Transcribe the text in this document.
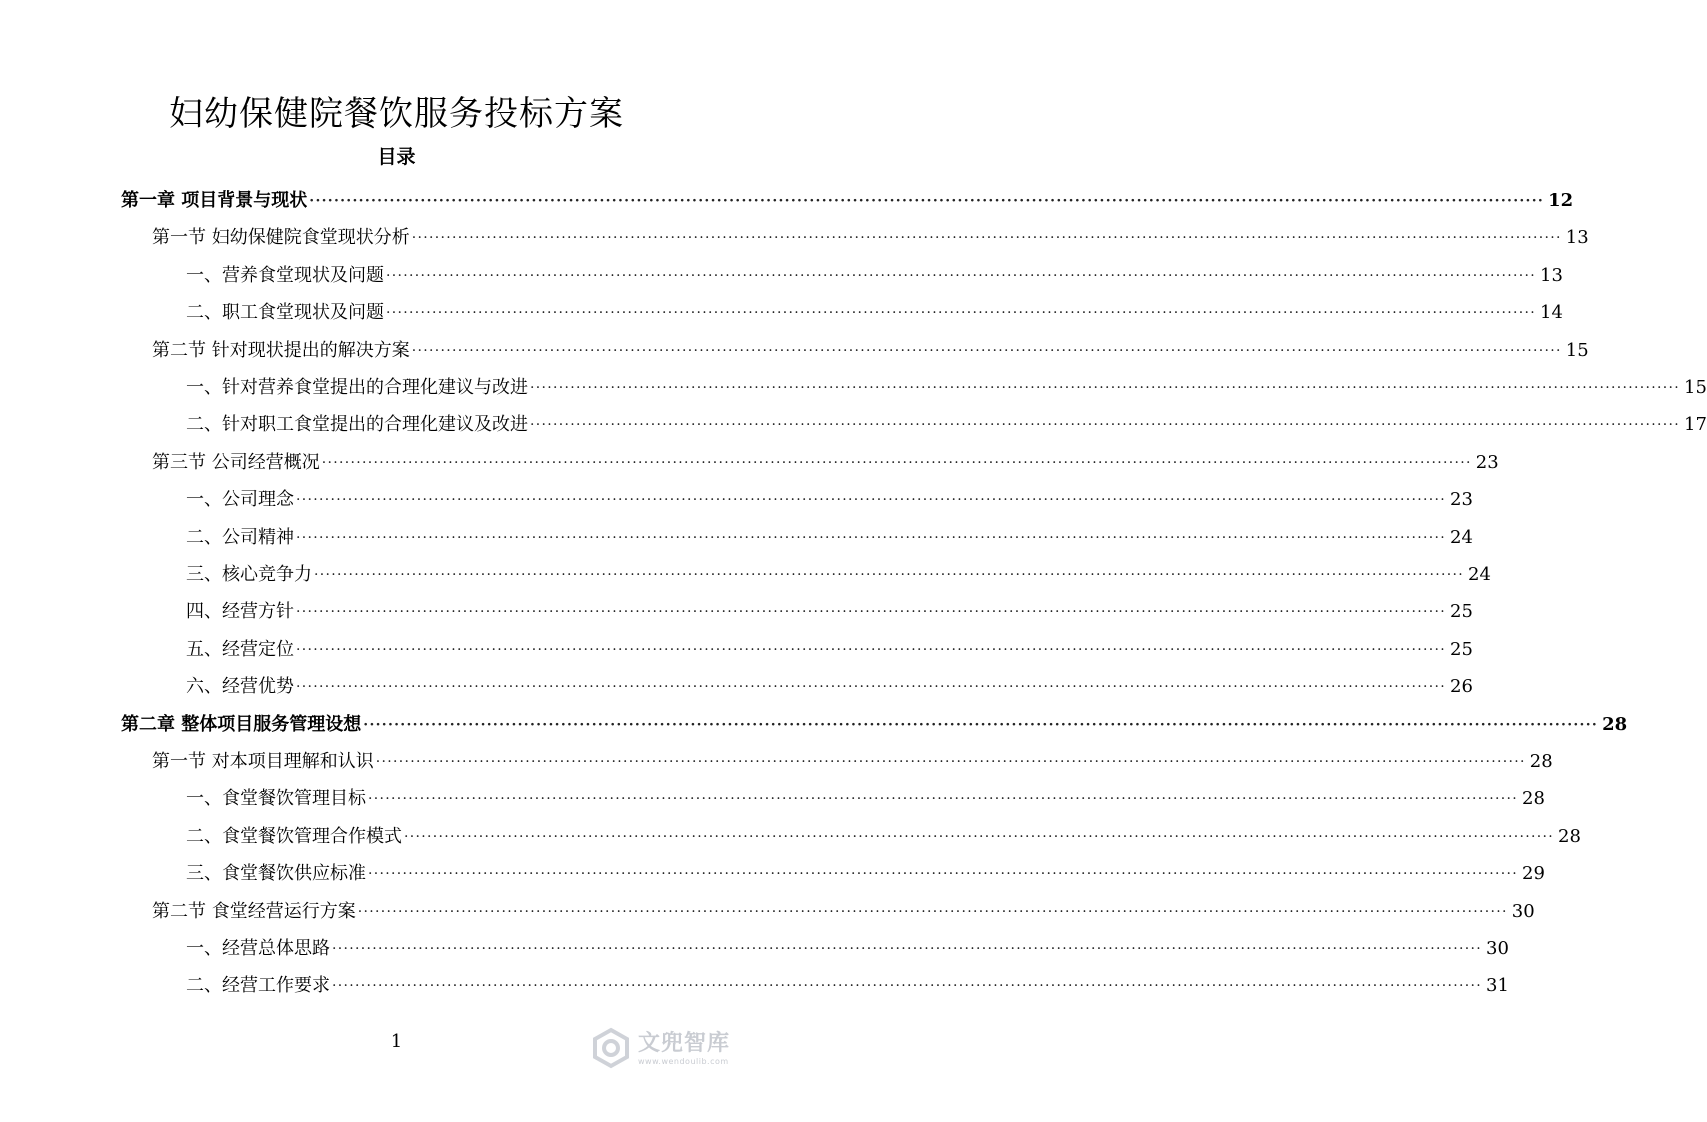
妇幼保健院餐饮服务投标方案
目录
第一章 项目背景与现状 ········································································································································································································ 12
第一节 妇幼保健院食堂现状分析 ········································································································································································································ 13
一、营养食堂现状及问题 ········································································································································································································ 13
二、职工食堂现状及问题 ········································································································································································································ 14
第二节 针对现状提出的解决方案 ········································································································································································································ 15
一、针对营养食堂提出的合理化建议与改进 ········································································································································································································ 15
二、针对职工食堂提出的合理化建议及改进 ········································································································································································································ 17
第三节 公司经营概况 ········································································································································································································ 23
一、公司理念 ········································································································································································································ 23
二、公司精神 ········································································································································································································ 24
三、核心竞争力 ········································································································································································································ 24
四、经营方针 ········································································································································································································ 25
五、经营定位 ········································································································································································································ 25
六、经营优势 ········································································································································································································ 26
第二章 整体项目服务管理设想 ········································································································································································································ 28
第一节 对本项目理解和认识 ········································································································································································································ 28
一、食堂餐饮管理目标 ········································································································································································································ 28
二、食堂餐饮管理合作模式 ········································································································································································································ 28
三、食堂餐饮供应标准 ········································································································································································································ 29
第二节 食堂经营运行方案 ········································································································································································································ 30
一、经营总体思路 ········································································································································································································ 30
二、经营工作要求 ········································································································································································································ 31
1	文兜智库
www.wendoulib.com
